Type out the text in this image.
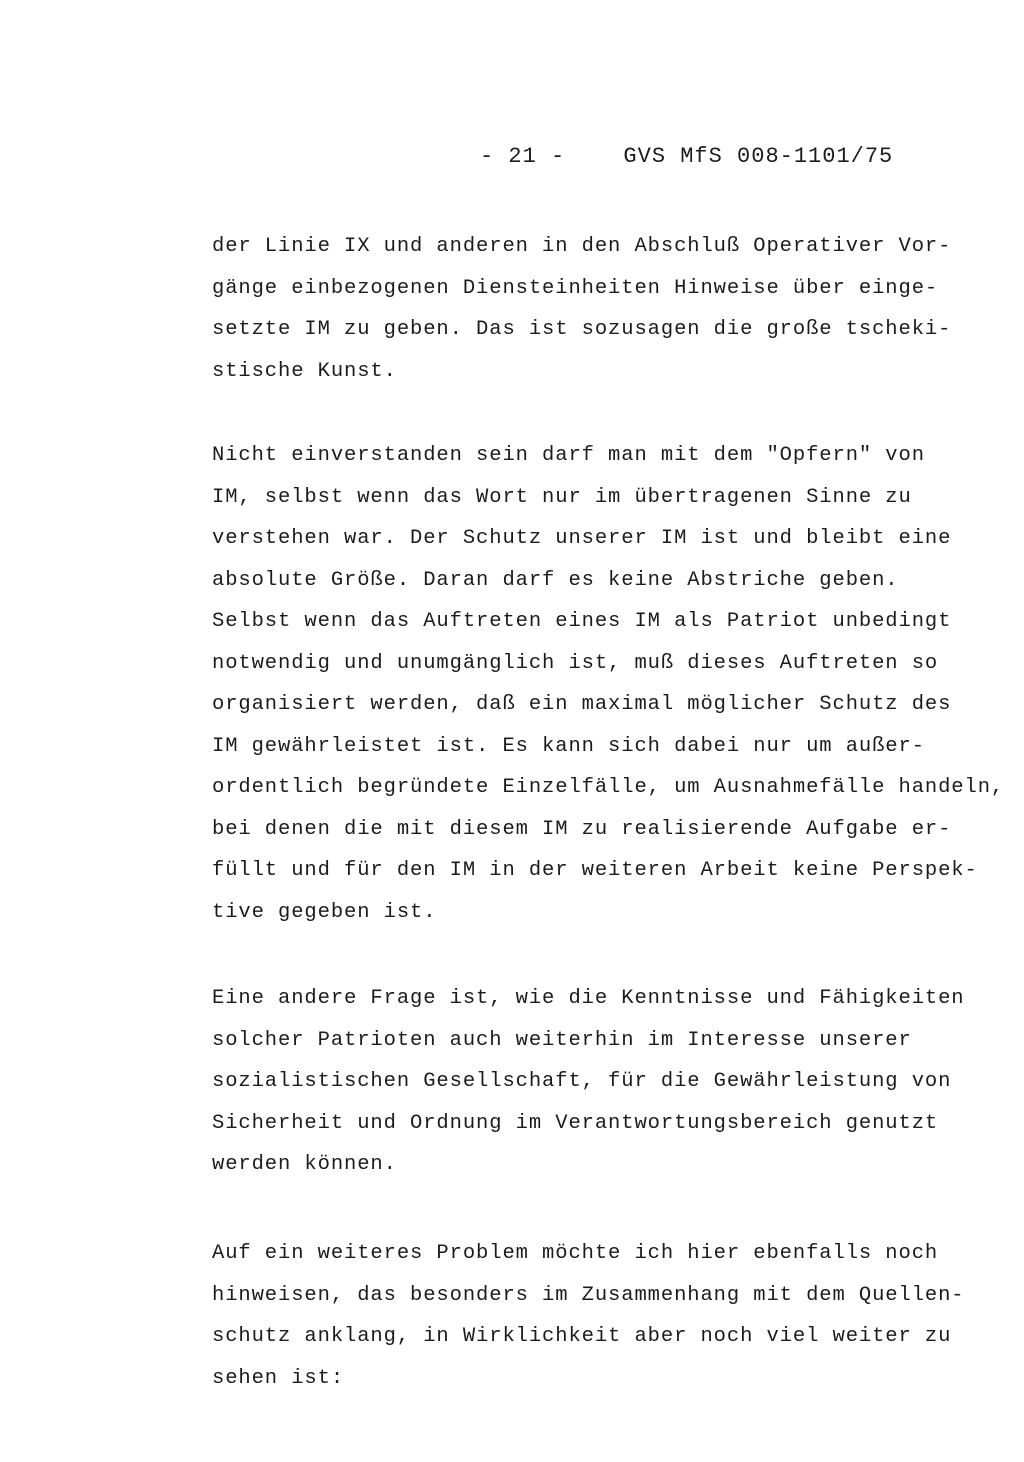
- 21 -	GVS MfS 008-1101/75
der Linie IX und anderen in den Abschluß Operativer Vor-
gänge einbezogenen Diensteinheiten Hinweise über einge-
setzte IM zu geben. Das ist sozusagen die große tscheki-
stische Kunst.
Nicht einverstanden sein darf man mit dem "Opfern" von
IM, selbst wenn das Wort nur im übertragenen Sinne zu
verstehen war. Der Schutz unserer IM ist und bleibt eine
absolute Größe. Daran darf es keine Abstriche geben.
Selbst wenn das Auftreten eines IM als Patriot unbedingt
notwendig und unumgänglich ist, muß dieses Auftreten so
organisiert werden, daß ein maximal möglicher Schutz des
IM gewährleistet ist. Es kann sich dabei nur um außer-
ordentlich begründete Einzelfälle, um Ausnahmefälle handeln,
bei denen die mit diesem IM zu realisierende Aufgabe er-
füllt und für den IM in der weiteren Arbeit keine Perspek-
tive gegeben ist.
Eine andere Frage ist, wie die Kenntnisse und Fähigkeiten
solcher Patrioten auch weiterhin im Interesse unserer
sozialistischen Gesellschaft, für die Gewährleistung von
Sicherheit und Ordnung im Verantwortungsbereich genutzt
werden können.
Auf ein weiteres Problem möchte ich hier ebenfalls noch
hinweisen, das besonders im Zusammenhang mit dem Quellen-
schutz anklang, in Wirklichkeit aber noch viel weiter zu
sehen ist:
